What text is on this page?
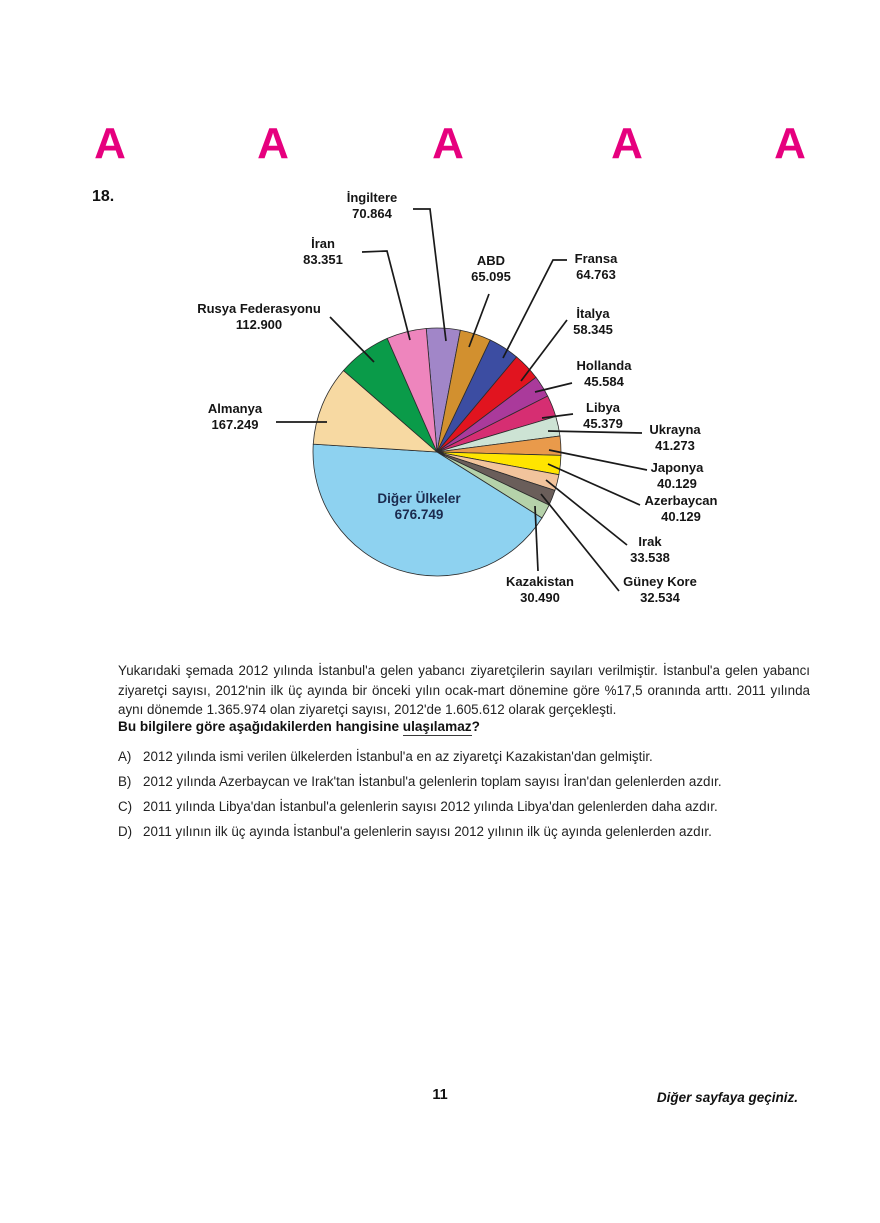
A	A	A	A	A
18.	İngiltere
70.864
ABD
65.095
Fransa
64.763
İtalya
58.345
Hollanda
45.584
Libya
45.379	Ukrayna
41.273
Japonya
40.129
Azerbaycan
40.129
Irak
33.538
Güney Kore
32.534
Kazakistan
30.490
Diğer Ülkeler
676.749
Almanya
167.249
Rusya Federasyonu
112.900
İran
83.351

Yukarıdaki şemada 2012 yılında İstanbul'a gelen yabancı ziyaretçilerin sayıları verilmiştir. İstanbul'a gelen yabancı ziyaretçi sayısı, 2012'nin ilk üç ayında bir önceki yılın ocak-mart dönemine göre %17,5 oranında arttı. 2011 yılında aynı dönemde 1.365.974 olan ziyaretçi sayısı, 2012'de 1.605.612 olarak gerçekleşti.

Bu bilgilere göre aşağıdakilerden hangisine ulaşılamaz?
A) 2012 yılında ismi verilen ülkelerden İstanbul'a en az ziyaretçi Kazakistan'dan gelmiştir.
B) 2012 yılında Azerbaycan ve Irak'tan İstanbul'a gelenlerin toplam sayısı İran'dan gelenlerden azdır.
C) 2011 yılında Libya'dan İstanbul'a gelenlerin sayısı 2012 yılında Libya'dan gelenlerden daha azdır.
D) 2011 yılının ilk üç ayında İstanbul'a gelenlerin sayısı 2012 yılının ilk üç ayında gelenlerden azdır.
11	Diğer sayfaya geçiniz.
